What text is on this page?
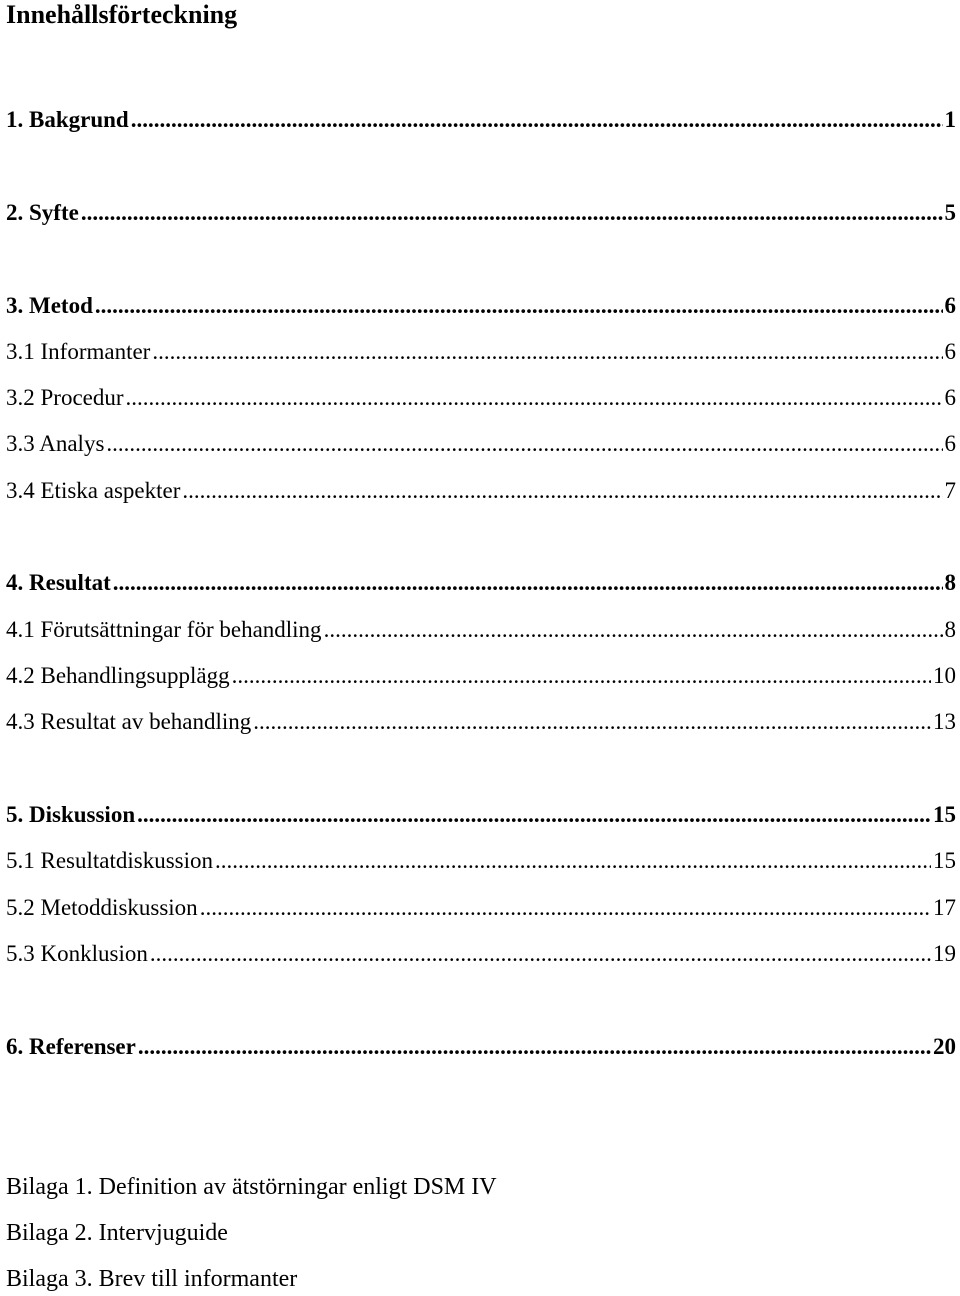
Innehållsförteckning
1. Bakgrund .....	1
2. Syfte .....	5
3. Metod .....	6
3.1 Informanter .....	6
3.2 Procedur .....	6
3.3 Analys .....	6
3.4 Etiska aspekter .....	7
4. Resultat .....	8
4.1 Förutsättningar för behandling .....	8
4.2 Behandlingsupplägg .....	10
4.3 Resultat av behandling .....	13
5. Diskussion .....	15
5.1 Resultatdiskussion .....	15
5.2 Metoddiskussion .....	17
5.3 Konklusion .....	19
6. Referenser .....	20
Bilaga 1. Definition av ätstörningar enligt DSM IV
Bilaga 2. Intervjuguide
Bilaga 3. Brev till informanter
